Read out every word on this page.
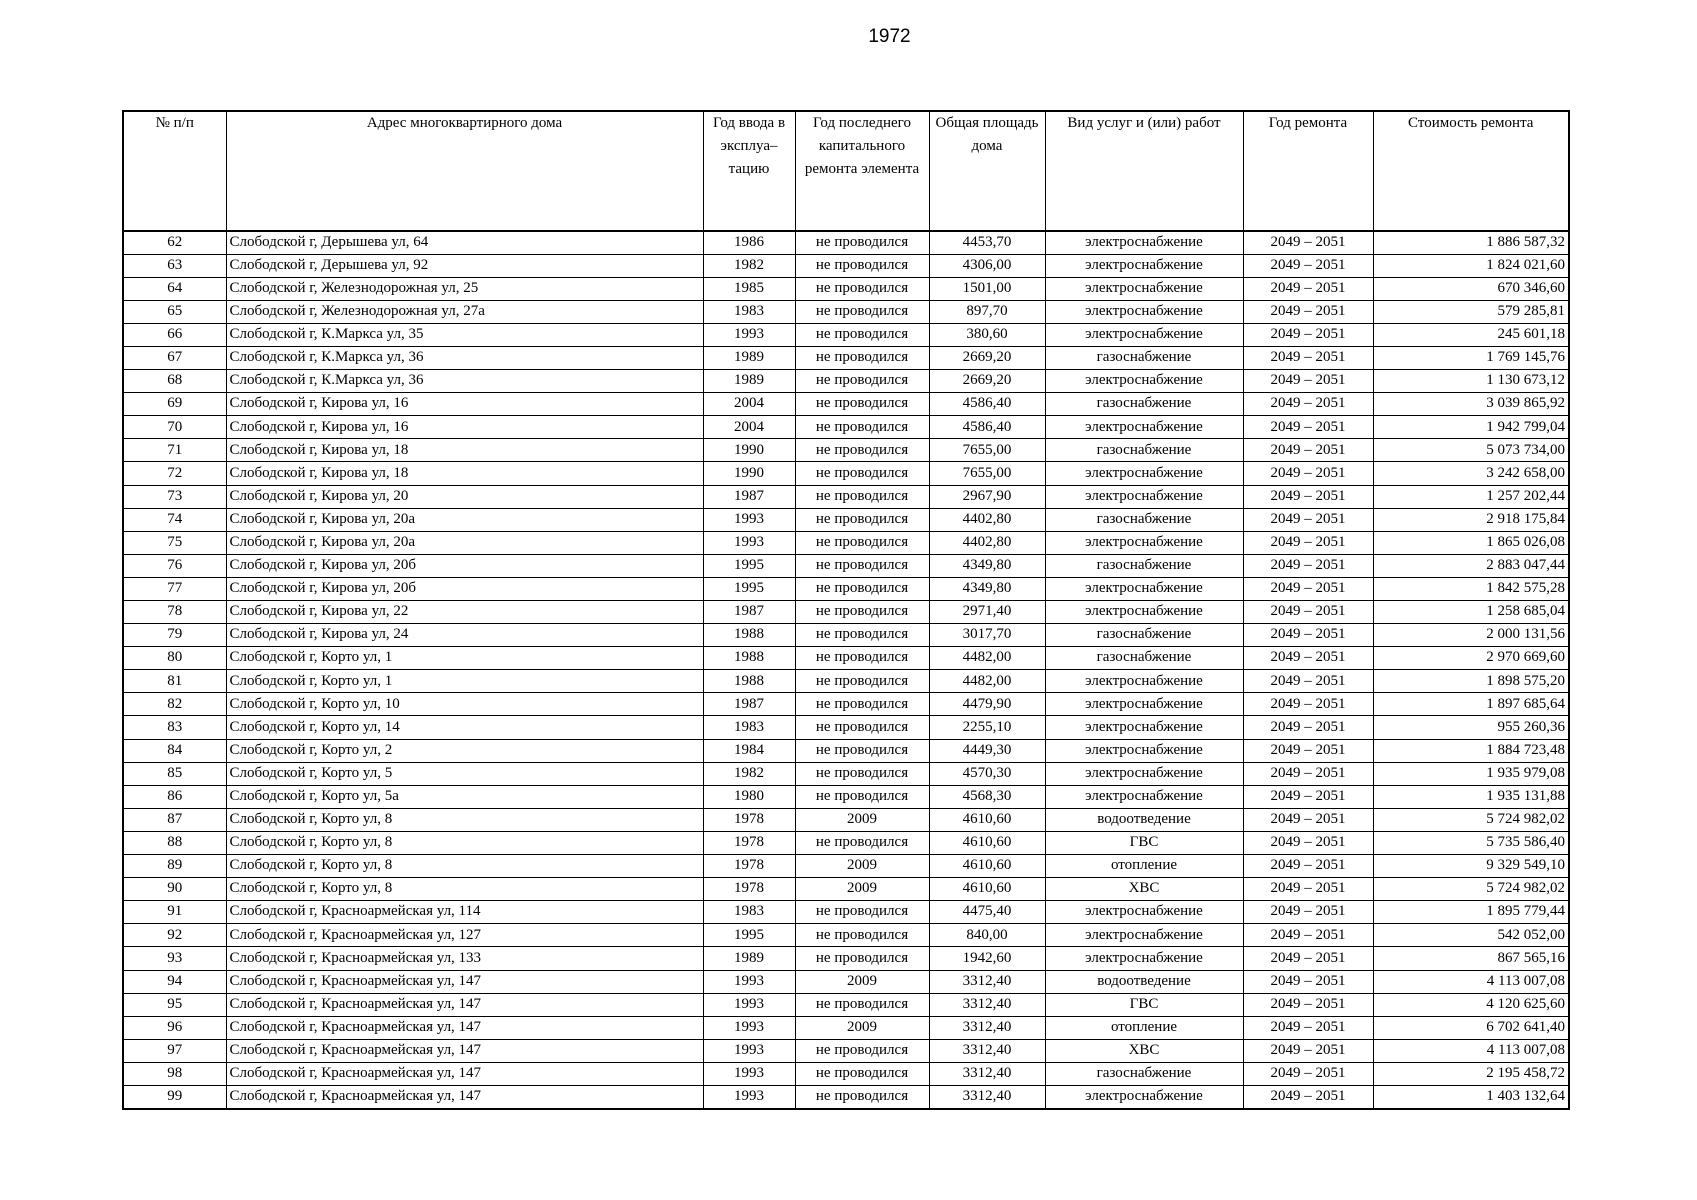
1972
№ п/п	Адрес многоквартирного дома	Год ввода в эксплуа– тацию	Год последнего капитального ремонта элемента	Общая площадь дома	Вид услуг и (или) работ	Год ремонта	Стоимость ремонта
62	Слободской г, Дерышева ул, 64	1986	не проводился	4453,70	электроснабжение	2049 – 2051	1 886 587,32
63	Слободской г, Дерышева ул, 92	1982	не проводился	4306,00	электроснабжение	2049 – 2051	1 824 021,60
64	Слободской г, Железнодорожная ул, 25	1985	не проводился	1501,00	электроснабжение	2049 – 2051	670 346,60
65	Слободской г, Железнодорожная ул, 27а	1983	не проводился	897,70	электроснабжение	2049 – 2051	579 285,81
66	Слободской г, К.Маркса ул, 35	1993	не проводился	380,60	электроснабжение	2049 – 2051	245 601,18
67	Слободской г, К.Маркса ул, 36	1989	не проводился	2669,20	газоснабжение	2049 – 2051	1 769 145,76
68	Слободской г, К.Маркса ул, 36	1989	не проводился	2669,20	электроснабжение	2049 – 2051	1 130 673,12
69	Слободской г, Кирова ул, 16	2004	не проводился	4586,40	газоснабжение	2049 – 2051	3 039 865,92
70	Слободской г, Кирова ул, 16	2004	не проводился	4586,40	электроснабжение	2049 – 2051	1 942 799,04
71	Слободской г, Кирова ул, 18	1990	не проводился	7655,00	газоснабжение	2049 – 2051	5 073 734,00
72	Слободской г, Кирова ул, 18	1990	не проводился	7655,00	электроснабжение	2049 – 2051	3 242 658,00
73	Слободской г, Кирова ул, 20	1987	не проводился	2967,90	электроснабжение	2049 – 2051	1 257 202,44
74	Слободской г, Кирова ул, 20а	1993	не проводился	4402,80	газоснабжение	2049 – 2051	2 918 175,84
75	Слободской г, Кирова ул, 20а	1993	не проводился	4402,80	электроснабжение	2049 – 2051	1 865 026,08
76	Слободской г, Кирова ул, 20б	1995	не проводился	4349,80	газоснабжение	2049 – 2051	2 883 047,44
77	Слободской г, Кирова ул, 20б	1995	не проводился	4349,80	электроснабжение	2049 – 2051	1 842 575,28
78	Слободской г, Кирова ул, 22	1987	не проводился	2971,40	электроснабжение	2049 – 2051	1 258 685,04
79	Слободской г, Кирова ул, 24	1988	не проводился	3017,70	газоснабжение	2049 – 2051	2 000 131,56
80	Слободской г, Корто ул, 1	1988	не проводился	4482,00	газоснабжение	2049 – 2051	2 970 669,60
81	Слободской г, Корто ул, 1	1988	не проводился	4482,00	электроснабжение	2049 – 2051	1 898 575,20
82	Слободской г, Корто ул, 10	1987	не проводился	4479,90	электроснабжение	2049 – 2051	1 897 685,64
83	Слободской г, Корто ул, 14	1983	не проводился	2255,10	электроснабжение	2049 – 2051	955 260,36
84	Слободской г, Корто ул, 2	1984	не проводился	4449,30	электроснабжение	2049 – 2051	1 884 723,48
85	Слободской г, Корто ул, 5	1982	не проводился	4570,30	электроснабжение	2049 – 2051	1 935 979,08
86	Слободской г, Корто ул, 5а	1980	не проводился	4568,30	электроснабжение	2049 – 2051	1 935 131,88
87	Слободской г, Корто ул, 8	1978	2009	4610,60	водоотведение	2049 – 2051	5 724 982,02
88	Слободской г, Корто ул, 8	1978	не проводился	4610,60	ГВС	2049 – 2051	5 735 586,40
89	Слободской г, Корто ул, 8	1978	2009	4610,60	отопление	2049 – 2051	9 329 549,10
90	Слободской г, Корто ул, 8	1978	2009	4610,60	ХВС	2049 – 2051	5 724 982,02
91	Слободской г, Красноармейская ул, 114	1983	не проводился	4475,40	электроснабжение	2049 – 2051	1 895 779,44
92	Слободской г, Красноармейская ул, 127	1995	не проводился	840,00	электроснабжение	2049 – 2051	542 052,00
93	Слободской г, Красноармейская ул, 133	1989	не проводился	1942,60	электроснабжение	2049 – 2051	867 565,16
94	Слободской г, Красноармейская ул, 147	1993	2009	3312,40	водоотведение	2049 – 2051	4 113 007,08
95	Слободской г, Красноармейская ул, 147	1993	не проводился	3312,40	ГВС	2049 – 2051	4 120 625,60
96	Слободской г, Красноармейская ул, 147	1993	2009	3312,40	отопление	2049 – 2051	6 702 641,40
97	Слободской г, Красноармейская ул, 147	1993	не проводился	3312,40	ХВС	2049 – 2051	4 113 007,08
98	Слободской г, Красноармейская ул, 147	1993	не проводился	3312,40	газоснабжение	2049 – 2051	2 195 458,72
99	Слободской г, Красноармейская ул, 147	1993	не проводился	3312,40	электроснабжение	2049 – 2051	1 403 132,64
